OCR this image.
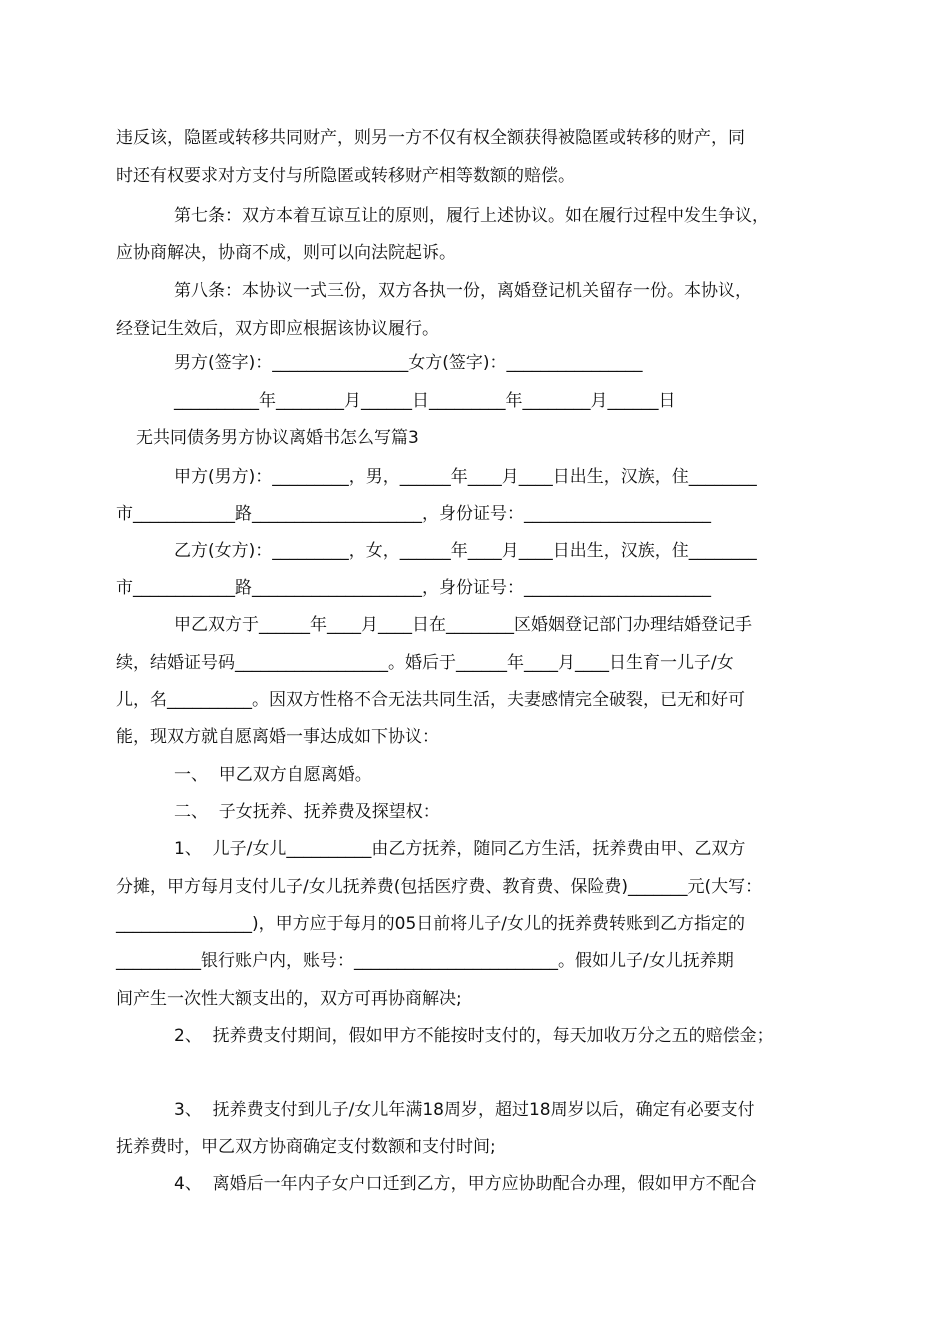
违反该，隐匿或转移共同财产，则另一方不仅有权全额获得被隐匿或转移的财产，同

时还有权要求对方支付与所隐匿或转移财产相等数额的赔偿。

第七条：双方本着互谅互让的原则，履行上述协议。如在履行过程中发生争议，

应协商解决，协商不成，则可以向法院起诉。

第八条：本协议一式三份，双方各执一份，离婚登记机关留存一份。本协议，

经登记生效后，双方即应根据该协议履行。

男方(签字)：________________女方(签字)：________________

__________年________月______日_________年________月______日

无共同债务男方协议离婚书怎么写篇3

甲方(男方)：_________，男，______年____月____日出生，汉族，住________

市____________路____________________，身份证号：______________________

乙方(女方)：_________，女，______年____月____日出生，汉族，住________

市____________路____________________，身份证号：______________________

甲乙双方于______年____月____日在________区婚姻登记部门办理结婚登记手

续，结婚证号码__________________。婚后于______年____月____日生育一儿子/女

儿，名__________。因双方性格不合无法共同生活，夫妻感情完全破裂，已无和好可

能，现双方就自愿离婚一事达成如下协议：

一、  甲乙双方自愿离婚。

二、  子女抚养、抚养费及探望权：

1、  儿子/女儿__________由乙方抚养，随同乙方生活，抚养费由甲、乙双方

分摊，甲方每月支付儿子/女儿抚养费(包括医疗费、教育费、保险费)_______元(大写：

________________)，甲方应于每月的05日前将儿子/女儿的抚养费转账到乙方指定的

__________银行账户内，账号：________________________。假如儿子/女儿抚养期

间产生一次性大额支出的，双方可再协商解决;

2、  抚养费支付期间，假如甲方不能按时支付的，每天加收万分之五的赔偿金；

3、  抚养费支付到儿子/女儿年满18周岁，超过18周岁以后，确定有必要支付

抚养费时，甲乙双方协商确定支付数额和支付时间;

4、  离婚后一年内子女户口迁到乙方，甲方应协助配合办理，假如甲方不配合
